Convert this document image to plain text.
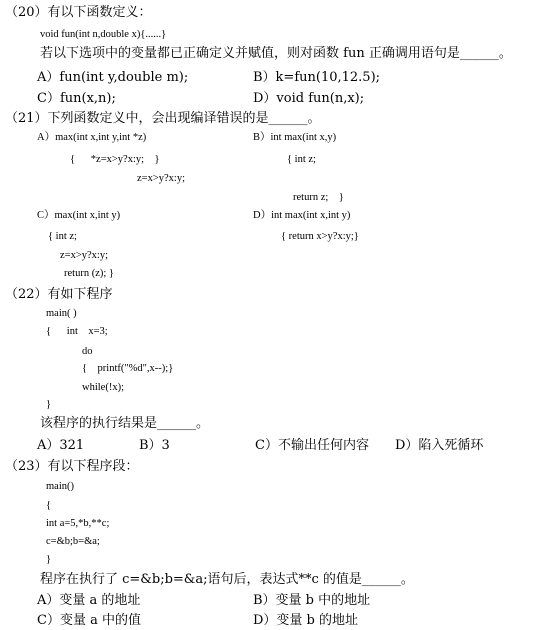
（20）有以下函数定义：
void fun(int n,double x){......}
若以下选项中的变量都已正确定义并赋值，则对函数 fun 正确调用语句是______。
A）fun(int y,double m);	B）k=fun(10,12.5);
C）fun(x,n);	D）void fun(n,x);
（21）下列函数定义中，会出现编译错误的是______。
A）max(int x,int y,int *z)
{      *z=x>y?x:y;    }
z=x>y?x:y;
B）int max(int x,y)
{ int z;
return z;    }
C）max(int x,int y)
{ int z;
z=x>y?x:y;
return (z); }
D）int max(int x,int y)
{ return x>y?x:y;}
（22）有如下程序
main( )
{      int    x=3;
do
{    printf("%d",x--);}
while(!x);
}
该程序的执行结果是______。
A）321	B）3	C）不输出任何内容 D）陷入死循环
（23）有以下程序段：
main()
{
int a=5,*b,**c;
c=&b;b=&a;
}
程序在执行了 c=&b;b=&a;语句后，表达式**c 的值是______。
A）变量 a 的地址	B）变量 b 中的地址
C）变量 a 中的值	D）变量 b 的地址
